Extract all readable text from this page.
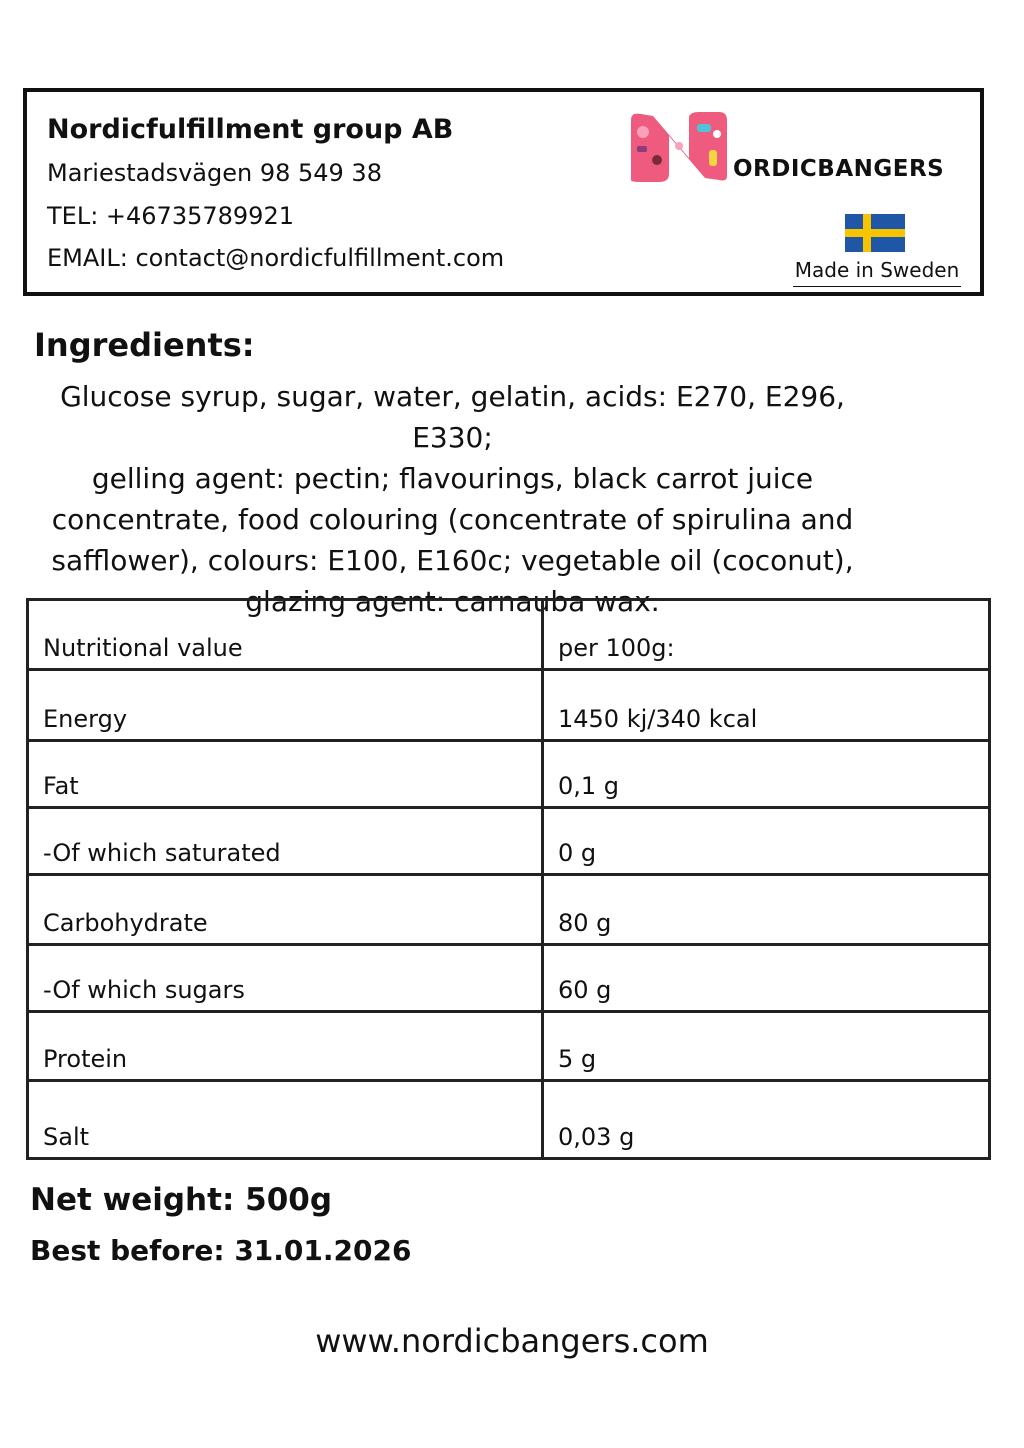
Nordicfulfillment group AB
Mariestadsvägen 98 549 38
TEL: +46735789921
EMAIL: contact@nordicfulfillment.com
ORDICBANGERS
Made in Sweden
Ingredients:
Glucose syrup, sugar, water, gelatin, acids: E270, E296, E330;
gelling agent: pectin; flavourings, black carrot juice
concentrate, food colouring (concentrate of spirulina and
safflower), colours: E100, E160c; vegetable oil (coconut),
glazing agent: carnauba wax.
Nutritional value	per 100g:
Energy	1450 kj/340 kcal
Fat	0,1 g
-Of which saturated	0 g
Carbohydrate	80 g
-Of which sugars	60 g
Protein	5 g
Salt	0,03 g
Net weight: 500g
Best before: 31.01.2026
www.nordicbangers.com
